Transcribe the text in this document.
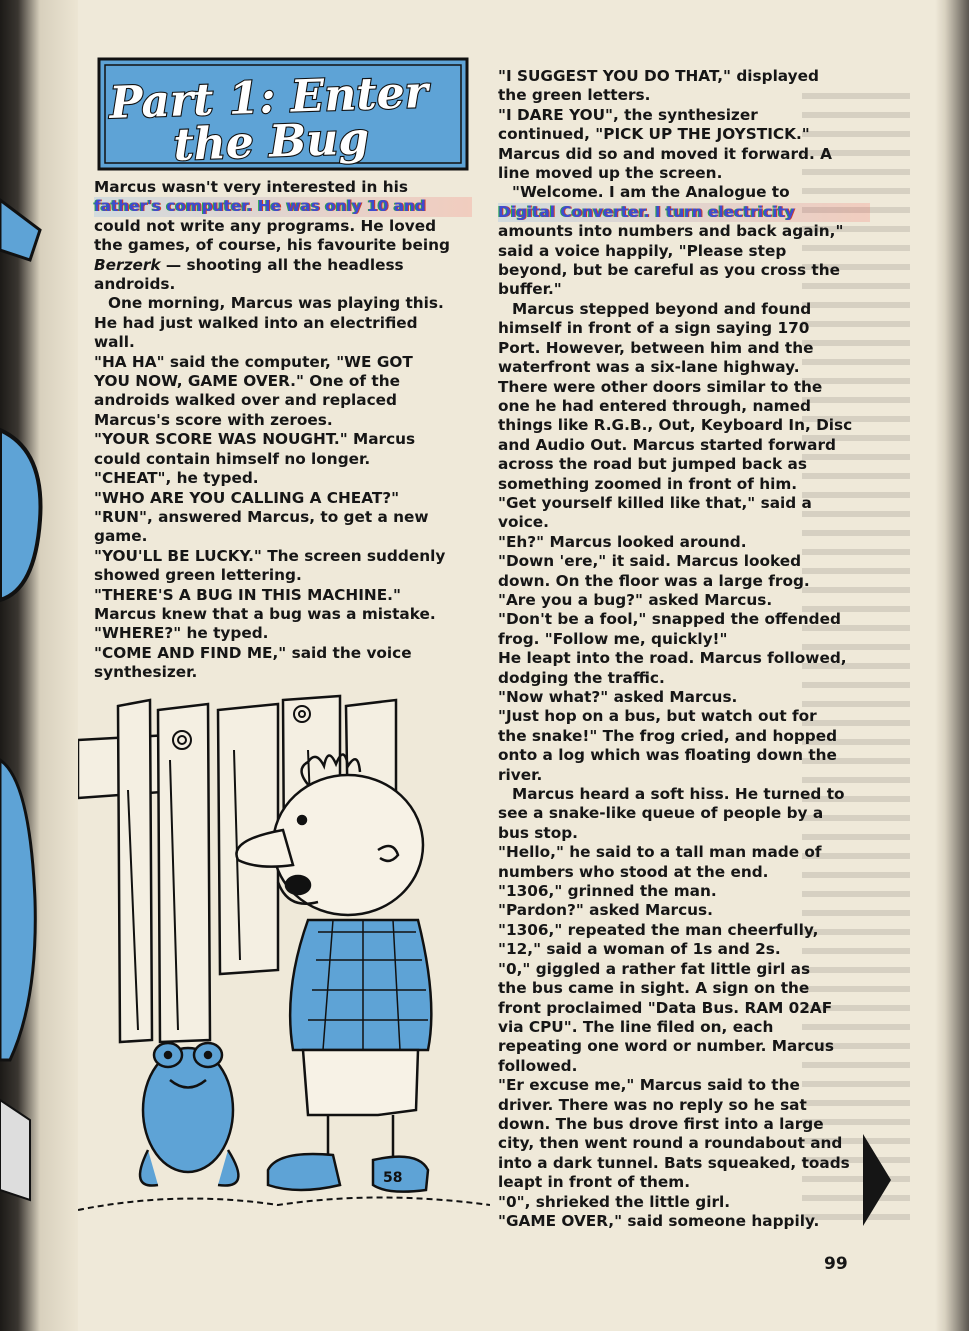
Part 1: Enter
the Bug

Marcus wasn't very interested in his

father's computer. He was only 10 and

could not write any programs. He loved

the games, of course, his favourite being

Berzerk — shooting all the headless

androids.

One morning, Marcus was playing this.

He had just walked into an electrified

wall.

"HA HA" said the computer, "WE GOT

YOU NOW, GAME OVER." One of the

androids walked over and replaced

Marcus's score with zeroes.

"YOUR SCORE WAS NOUGHT." Marcus

could contain himself no longer.

"CHEAT", he typed.

"WHO ARE YOU CALLING A CHEAT?"

"RUN", answered Marcus, to get a new

game.

"YOU'LL BE LUCKY." The screen suddenly

showed green lettering.

"THERE'S A BUG IN THIS MACHINE."

Marcus knew that a bug was a mistake.

"WHERE?" he typed.

"COME AND FIND ME," said the voice

synthesizer.

"I SUGGEST YOU DO THAT," displayed

the green letters.

"I DARE YOU", the synthesizer

continued, "PICK UP THE JOYSTICK."

Marcus did so and moved it forward. A

line moved up the screen.

"Welcome. I am the Analogue to

Digital Converter. I turn electricity

amounts into numbers and back again,"

said a voice happily, "Please step

beyond, but be careful as you cross the

buffer."

Marcus stepped beyond and found

himself in front of a sign saying 170

Port. However, between him and the

waterfront was a six-lane highway.

There were other doors similar to the

one he had entered through, named

things like R.G.B., Out, Keyboard In, Disc

and Audio Out. Marcus started forward

across the road but jumped back as

something zoomed in front of him.

"Get yourself killed like that," said a

voice.

"Eh?" Marcus looked around.

"Down 'ere," it said. Marcus looked

down. On the floor was a large frog.

"Are you a bug?" asked Marcus.

"Don't be a fool," snapped the offended

frog. "Follow me, quickly!"

He leapt into the road. Marcus followed,

dodging the traffic.

"Now what?" asked Marcus.

"Just hop on a bus, but watch out for

the snake!" The frog cried, and hopped

onto a log which was floating down the

river.

Marcus heard a soft hiss. He turned to

see a snake-like queue of people by a

bus stop.

"Hello," he said to a tall man made of

numbers who stood at the end.

"1306," grinned the man.

"Pardon?" asked Marcus.

"1306," repeated the man cheerfully,

"12," said a woman of 1s and 2s.

"0," giggled a rather fat little girl as

the bus came in sight. A sign on the

front proclaimed "Data Bus. RAM 02AF

via CPU". The line filed on, each

repeating one word or number. Marcus

followed.

"Er excuse me," Marcus said to the

driver. There was no reply so he sat

down. The bus drove first into a large

city, then went round a roundabout and

into a dark tunnel. Bats squeaked, toads

leapt in front of them.

"0", shrieked the little girl.

"GAME OVER," said someone happily.

58
99
